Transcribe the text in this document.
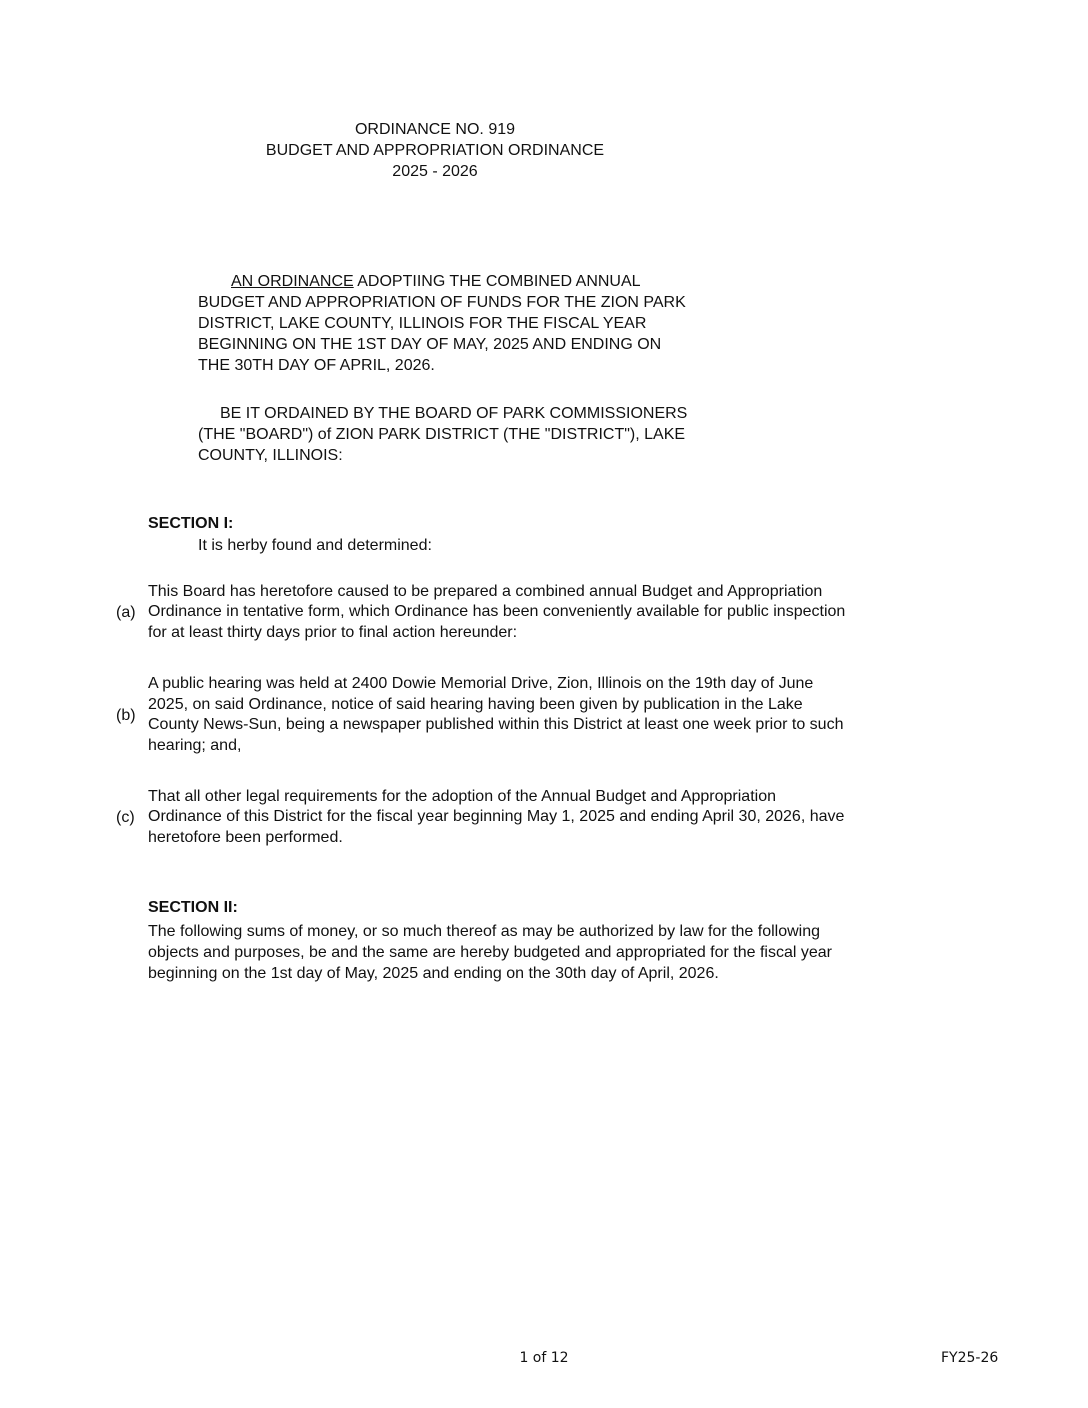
ORDINANCE NO. 919
BUDGET AND APPROPRIATION ORDINANCE
2025 - 2026
AN ORDINANCE ADOPTIING THE COMBINED ANNUAL
BUDGET AND APPROPRIATION OF FUNDS FOR THE ZION PARK
DISTRICT, LAKE COUNTY, ILLINOIS FOR THE FISCAL YEAR
BEGINNING ON THE 1ST DAY OF MAY, 2025 AND ENDING ON
THE 30TH DAY OF APRIL, 2026.
BE IT ORDAINED BY THE BOARD OF PARK COMMISSIONERS
(THE "BOARD") of ZION PARK DISTRICT (THE "DISTRICT"), LAKE
COUNTY, ILLINOIS:
SECTION I:
It is herby found and determined:
(a)
This Board has heretofore caused to be prepared a combined annual Budget and Appropriation
Ordinance in tentative form, which Ordinance has been conveniently available for public inspection
for at least thirty days prior to final action hereunder:
(b)
A public hearing was held at 2400 Dowie Memorial Drive, Zion, Illinois on the 19th day of June
2025, on said Ordinance, notice of said hearing having been given by publication in the Lake
County News-Sun, being a newspaper published within this District at least one week prior to such
hearing; and,
(c)
That all other legal requirements for the adoption of the Annual Budget and Appropriation
Ordinance of this District for the fiscal year beginning May 1, 2025 and ending April 30, 2026, have
heretofore been performed.
SECTION II:
The following sums of money, or so much thereof as may be authorized by law for the following
objects and purposes, be and the same are hereby budgeted and appropriated for the fiscal year
beginning on the 1st day of May, 2025 and ending on the 30th day of April, 2026.
1 of 12	FY25-26
